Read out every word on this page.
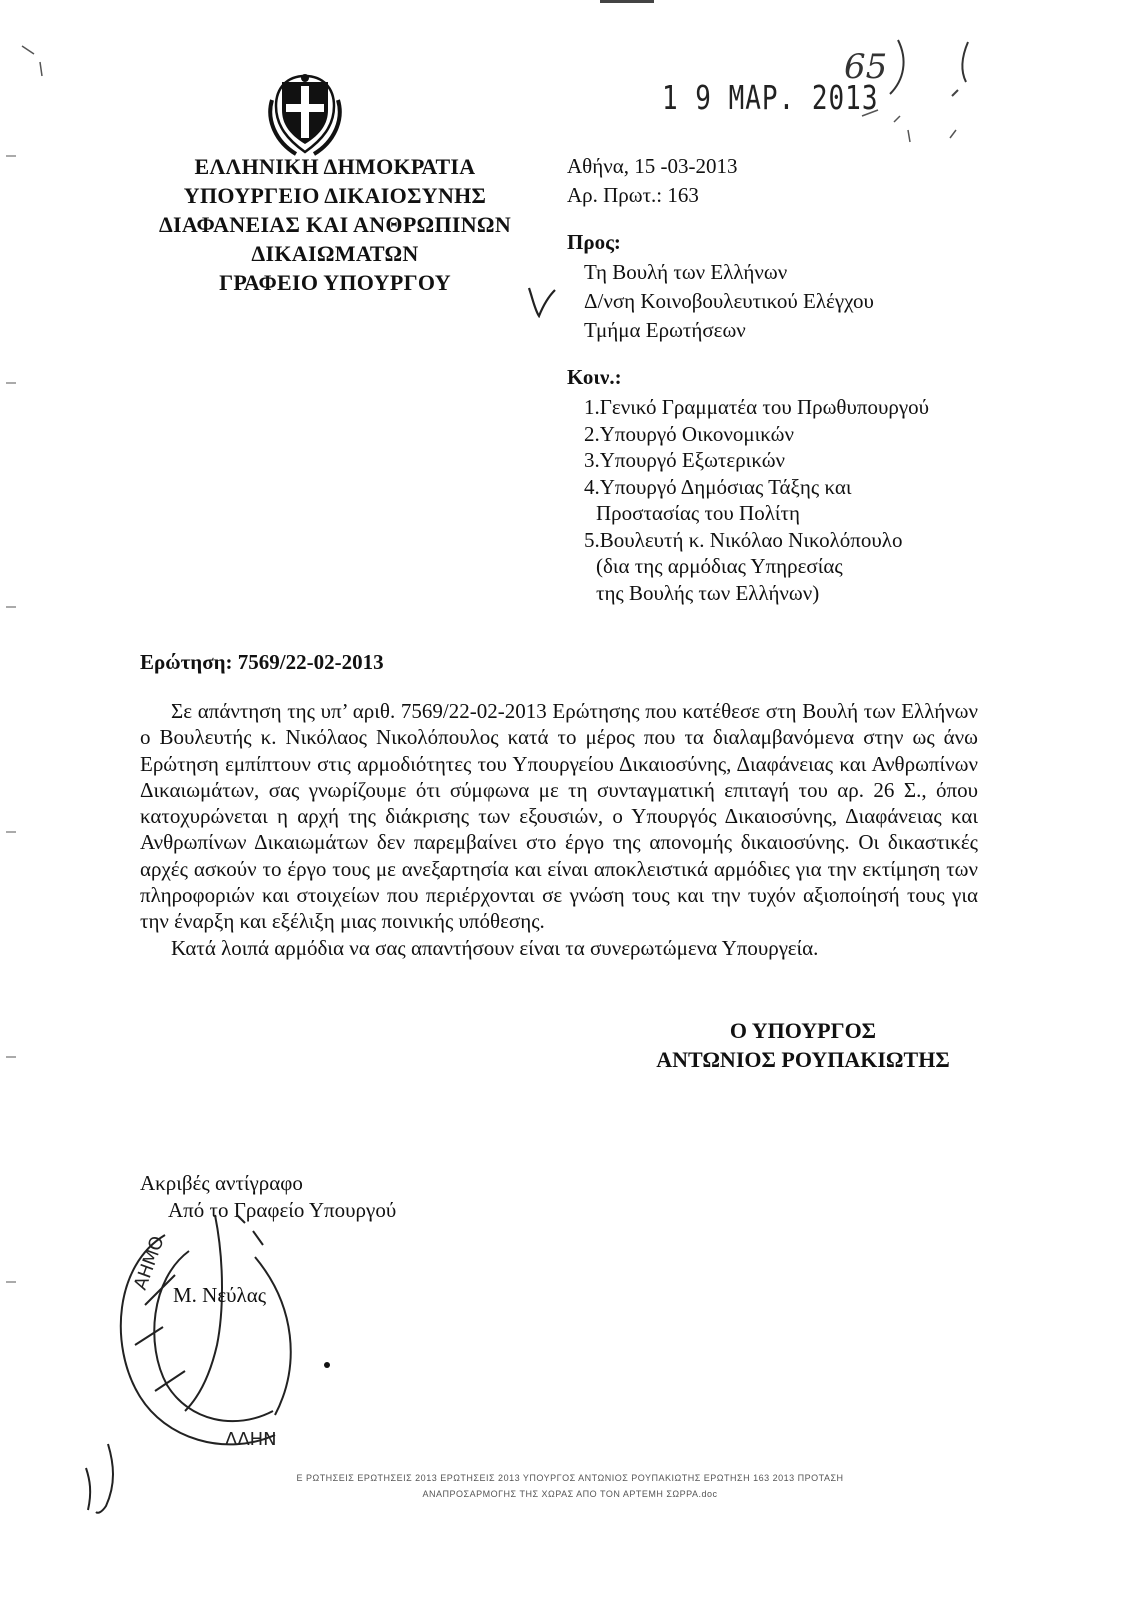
ΕΛΛΗΝΙΚΗ ΔΗΜΟΚΡΑΤΙΑ
ΥΠΟΥΡΓΕΙΟ ΔΙΚΑΙΟΣΥΝΗΣ
ΔΙΑΦΑΝΕΙΑΣ ΚΑΙ ΑΝΘΡΩΠΙΝΩΝ
ΔΙΚΑΙΩΜΑΤΩΝ
ΓΡΑΦΕΙΟ ΥΠΟΥΡΓΟΥ
1 9 ΜΑΡ. 2013
65
Αθήνα, 15 -03-2013
Αρ. Πρωτ.: 163
Προς:
Τη Βουλή των Ελλήνων
Δ/νση Κοινοβουλευτικού Ελέγχου
Τμήμα Ερωτήσεων
Κοιν.:
1.Γενικό Γραμματέα του Πρωθυπουργού
2.Υπουργό Οικονομικών
3.Υπουργό Εξωτερικών
4.Υπουργό Δημόσιας Τάξης και
Προστασίας του Πολίτη
5.Βουλευτή κ. Νικόλαο Νικολόπουλο
(δια της αρμόδιας Υπηρεσίας
της Βουλής των Ελλήνων)
Ερώτηση: 7569/22-02-2013

Σε απάντηση της υπ’ αριθ. 7569/22-02-2013 Ερώτησης που κατέθεσε στη Βουλή των Ελλήνων ο Βουλευτής κ. Νικόλαος Νικολόπουλος κατά το μέρος που τα διαλαμβανόμενα στην ως άνω Ερώτηση εμπίπτουν στις αρμοδιότητες του Υπουργείου Δικαιοσύνης, Διαφάνειας και Ανθρωπίνων Δικαιωμάτων, σας γνωρίζουμε ότι σύμφωνα με τη συνταγματική επιταγή του αρ. 26 Σ., όπου κατοχυρώνεται η αρχή της διάκρισης των εξουσιών, ο Υπουργός Δικαιοσύνης, Διαφάνειας και Ανθρωπίνων Δικαιωμάτων δεν παρεμβαίνει στο έργο της απονομής δικαιοσύνης. Οι δικαστικές αρχές ασκούν το έργο τους με ανεξαρτησία και είναι αποκλειστικά αρμόδιες για την εκτίμηση των πληροφοριών και στοιχείων που περιέρχονται σε γνώση τους και την τυχόν αξιοποίησή τους για την έναρξη και εξέλιξη μιας ποινικής υπόθεσης.

Κατά λοιπά αρμόδια να σας απαντήσουν είναι τα συνερωτώμενα Υπουργεία.

Ο ΥΠΟΥΡΓΟΣ
ΑΝΤΩΝΙΟΣ ΡΟΥΠΑΚΙΩΤΗΣ
Ακριβές αντίγραφο
Από το Γραφείο Υπουργού
ΑΗΜΟ
ΛΛΗΝ
Μ. Νεύλας
Ε ΡΩΤΗΣΕΙΣ ΕΡΩΤΗΣΕΙΣ 2013 ΕΡΩΤΗΣΕΙΣ 2013 ΥΠΟΥΡΓΟΣ ΑΝΤΩΝΙΟΣ ΡΟΥΠΑΚΙΩΤΗΣ ΕΡΩΤΗΣΗ 163 2013 ΠΡΟΤΑΣΗ
ΑΝΑΠΡΟΣΑΡΜΟΓΗΣ ΤΗΣ ΧΩΡΑΣ ΑΠΟ ΤΟΝ ΑΡΤΕΜΗ ΣΩΡΡΑ.doc
